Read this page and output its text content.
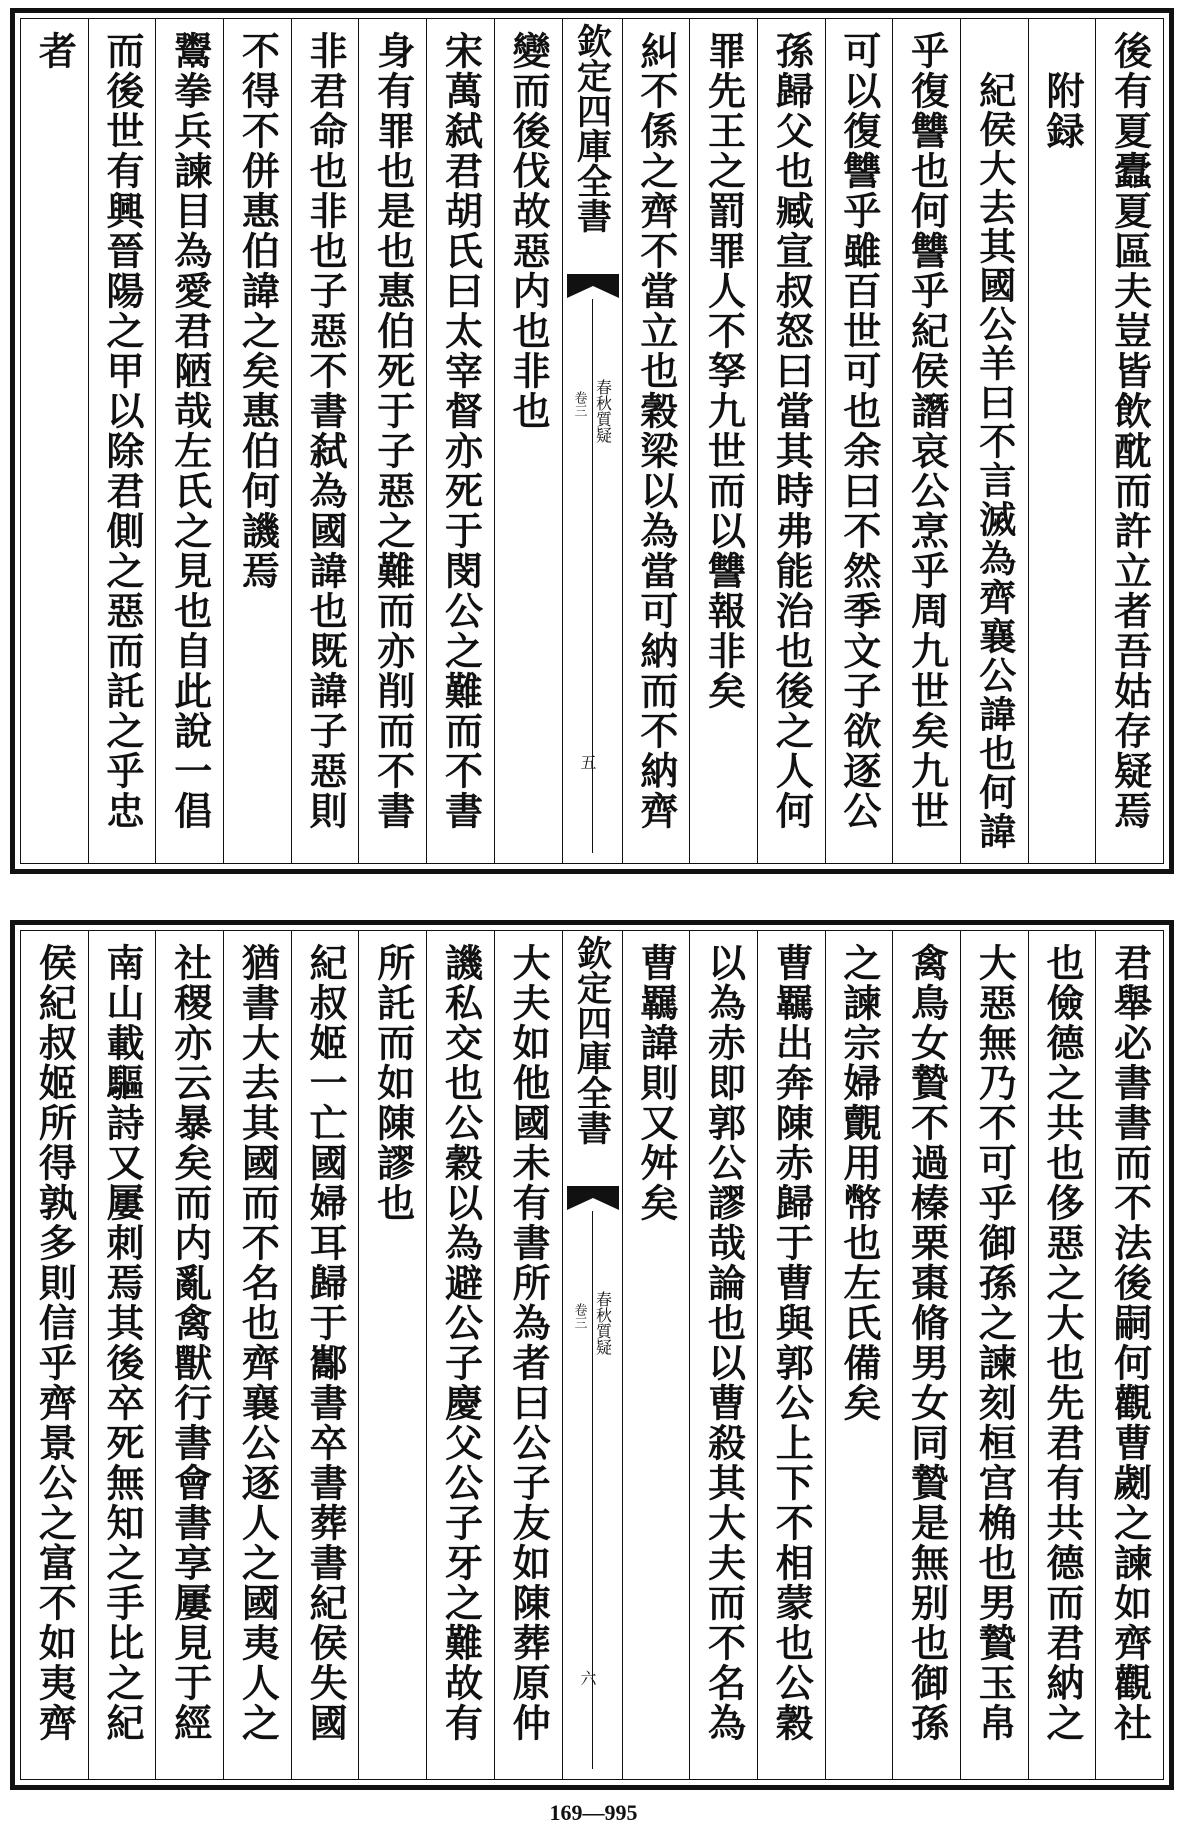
後有夏蠹夏區夫豈皆飲酖而許立者吾姑存疑焉
附録
紀侯大去其國公羊曰不言滅為齊襄公諱也何諱
乎復讐也何讐乎紀侯譖哀公烹乎周九世矣九世
可以復讐乎雖百世可也余曰不然季文子欲逐公
孫歸父也臧宣叔怒曰當其時弗能治也後之人何
罪先王之罰罪人不孥九世而以讐報非矣
糾不係之齊不當立也穀梁以為當可納而不納齊
欽定四庫全書
春秋質疑
卷三
五
變而後伐故惡内也非也
宋萬弑君胡氏曰太宰督亦死于閔公之難而不書
身有罪也是也惠伯死于子惡之難而亦削而不書
非君命也非也子惡不書弑為國諱也既諱子惡則
不得不併惠伯諱之矣惠伯何譏焉
鬻拳兵諫目為愛君陋哉左氏之見也自此說一倡
而後世有興晉陽之甲以除君側之惡而託之乎忠
者
君舉必書書而不法後嗣何觀曹劌之諫如齊觀社
也儉德之共也侈惡之大也先君有共德而君納之
大惡無乃不可乎御孫之諫刻桓宫桷也男贄玉帛
禽鳥女贄不過榛栗棗脩男女同贄是無别也御孫
之諫宗婦覿用幣也左氏備矣
曹羈出奔陳赤歸于曹與郭公上下不相蒙也公穀
以為赤即郭公謬哉論也以曹殺其大夫而不名為
曹羈諱則又舛矣
欽定四庫全書
春秋質疑
卷三
六
大夫如他國未有書所為者曰公子友如陳葬原仲
譏私交也公穀以為避公子慶父公子牙之難故有
所託而如陳謬也
紀叔姬一亡國婦耳歸于酅書卒書葬書紀侯失國
猶書大去其國而不名也齊襄公逐人之國夷人之
社稷亦云暴矣而内亂禽獸行書會書享屢見于經
南山載驅詩又屢刺焉其後卒死無知之手比之紀
侯紀叔姬所得孰多則信乎齊景公之富不如夷齊
169—995
